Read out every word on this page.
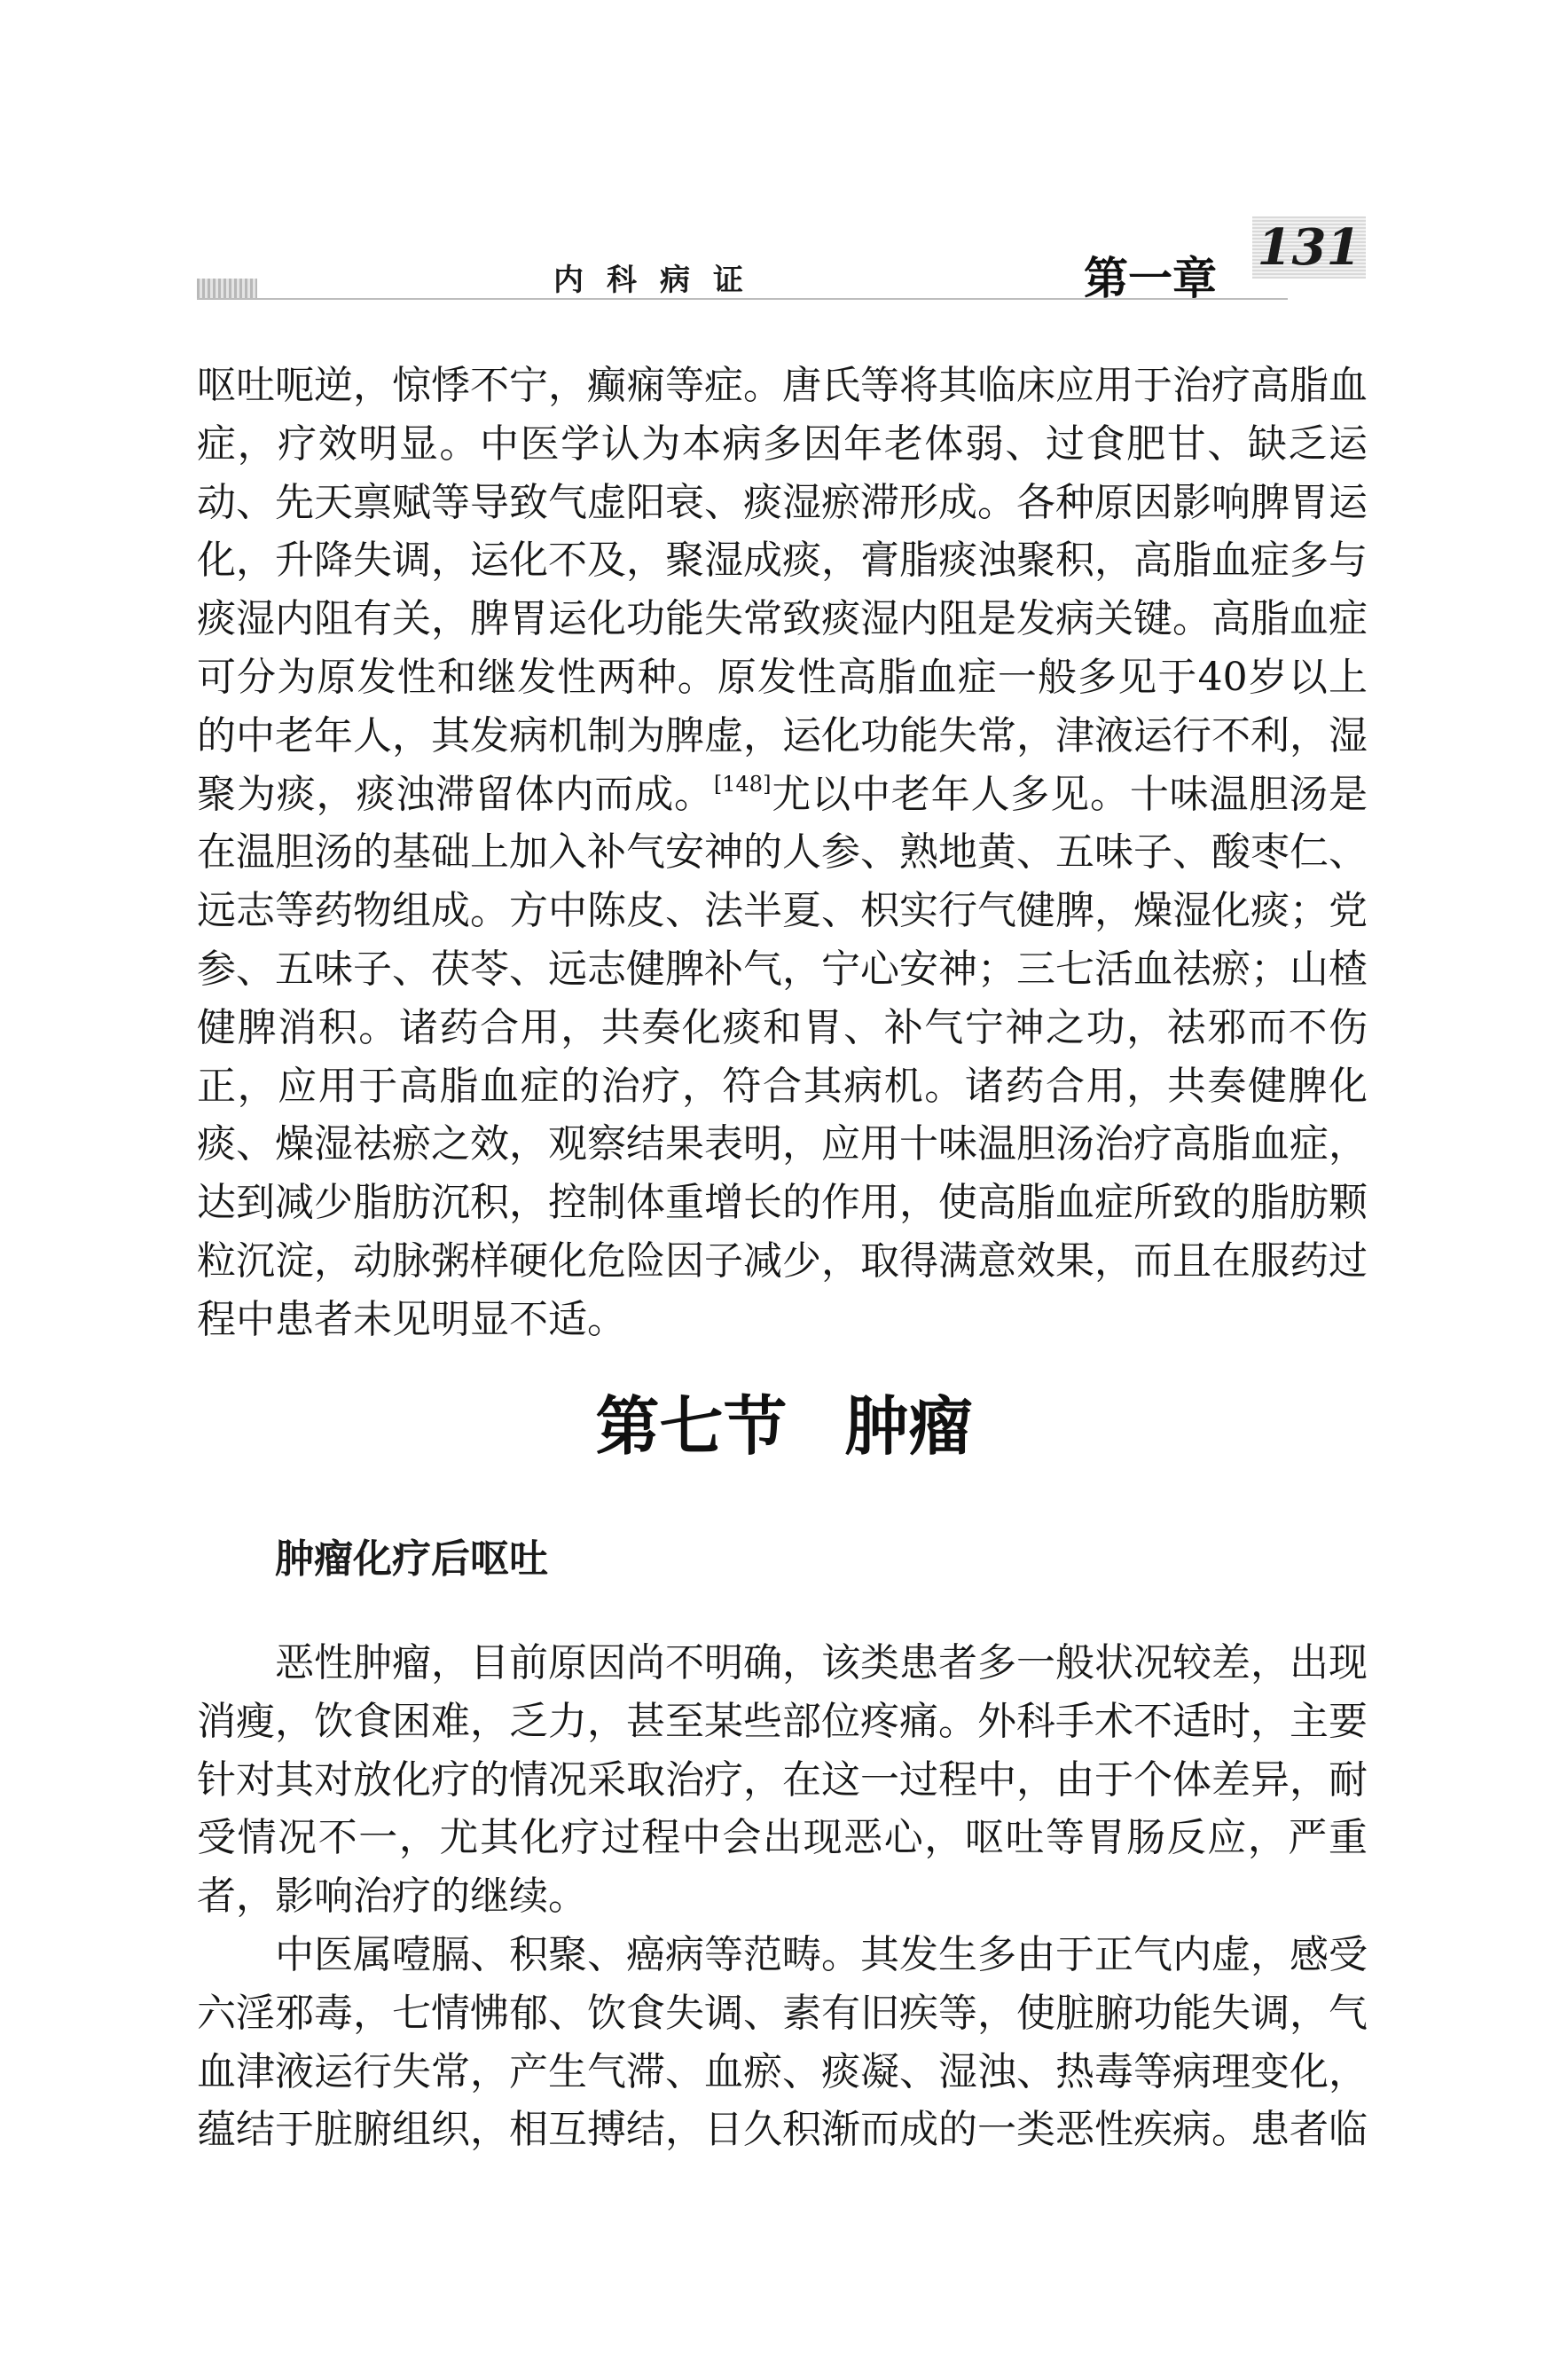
内科病证	第一章
131

呕吐呃逆，惊悸不宁，癫痫等症。唐氏等将其临床应用于治疗高脂血症，疗效明显。中医学认为本病多因年老体弱、过食肥甘、缺乏运动、先天禀赋等导致气虚阳衰、痰湿瘀滞形成。各种原因影响脾胃运化，升降失调，运化不及，聚湿成痰，膏脂痰浊聚积，高脂血症多与痰湿内阻有关，脾胃运化功能失常致痰湿内阻是发病关键。高脂血症可分为原发性和继发性两种。原发性高脂血症一般多见于40岁以上的中老年人，其发病机制为脾虚，运化功能失常，津液运行不利，湿聚为痰，痰浊滞留体内而成。[148]尤以中老年人多见。十味温胆汤是在温胆汤的基础上加入补气安神的人参、熟地黄、五味子、酸枣仁、远志等药物组成。方中陈皮、法半夏、枳实行气健脾，燥湿化痰；党参、五味子、茯苓、远志健脾补气，宁心安神；三七活血祛瘀；山楂健脾消积。诸药合用，共奏化痰和胃、补气宁神之功，祛邪而不伤正，应用于高脂血症的治疗，符合其病机。诸药合用，共奏健脾化痰、燥湿祛瘀之效，观察结果表明，应用十味温胆汤治疗高脂血症，达到减少脂肪沉积，控制体重增长的作用，使高脂血症所致的脂肪颗粒沉淀，动脉粥样硬化危险因子减少，取得满意效果，而且在服药过程中患者未见明显不适。

第七节 肿瘤
肿瘤化疗后呕吐

恶性肿瘤，目前原因尚不明确，该类患者多一般状况较差，出现消瘦，饮食困难，乏力，甚至某些部位疼痛。外科手术不适时，主要针对其对放化疗的情况采取治疗，在这一过程中，由于个体差异，耐受情况不一，尤其化疗过程中会出现恶心，呕吐等胃肠反应，严重者，影响治疗的继续。

中医属噎膈、积聚、癌病等范畴。其发生多由于正气内虚，感受六淫邪毒，七情怫郁、饮食失调、素有旧疾等，使脏腑功能失调，气血津液运行失常，产生气滞、血瘀、痰凝、湿浊、热毒等病理变化，蕴结于脏腑组织，相互搏结，日久积渐而成的一类恶性疾病。患者临
